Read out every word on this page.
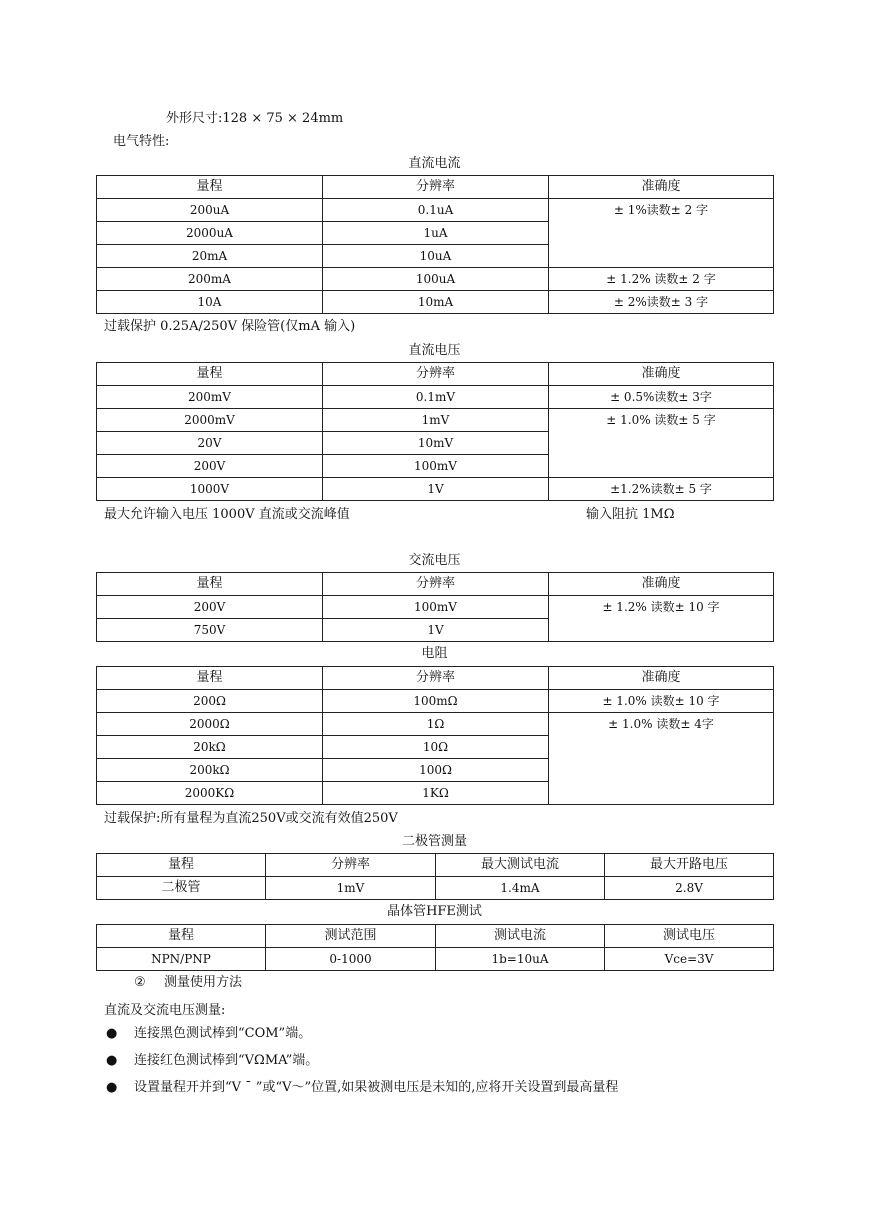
外形尺寸:128 × 75 × 24mm
电气特性:
直流电流
量程	分辨率	准确度
200uA	0.1uA	± 1%读数± 2 字
2000uA	1uA	
20mA	10uA	
200mA	100uA	± 1.2% 读数± 2 字
10A	10mA	± 2%读数± 3 字
过载保护 0.25A/250V 保险管(仅mA 输入)
直流电压
量程	分辨率	准确度
200mV	0.1mV	± 0.5%读数± 3字
2000mV	1mV	± 1.0% 读数± 5 字
20V	10mV	
200V	100mV	
1000V	1V	±1.2%读数± 5 字
最大允许输入电压 1000V 直流或交流峰值	输入阻抗 1MΩ
交流电压
量程	分辨率	准确度
200V	100mV	± 1.2% 读数± 10 字
750V	1V	
电阻
量程	分辨率	准确度
200Ω	100mΩ	± 1.0% 读数± 10 字
2000Ω	1Ω	± 1.0% 读数± 4字
20kΩ	10Ω	
200kΩ	100Ω	
2000KΩ	1KΩ	
过载保护:所有量程为直流250V或交流有效值250V
二极管测量
量程	分辨率	最大测试电流	最大开路电压
二极管	1mV	1.4mA	2.8V
晶体管HFE测试
量程	测试范围	测试电流	测试电压
NPN/PNP	0-1000	1b=10uA	Vce=3V
② 测量使用方法
直流及交流电压测量:
● 连接黑色测试棒到“COM”端。
● 连接红色测试棒到“VΩMA”端。
● 设置量程开并到“V ¯ ”或“V～”位置,如果被测电压是未知的,应将开关设置到最高量程
